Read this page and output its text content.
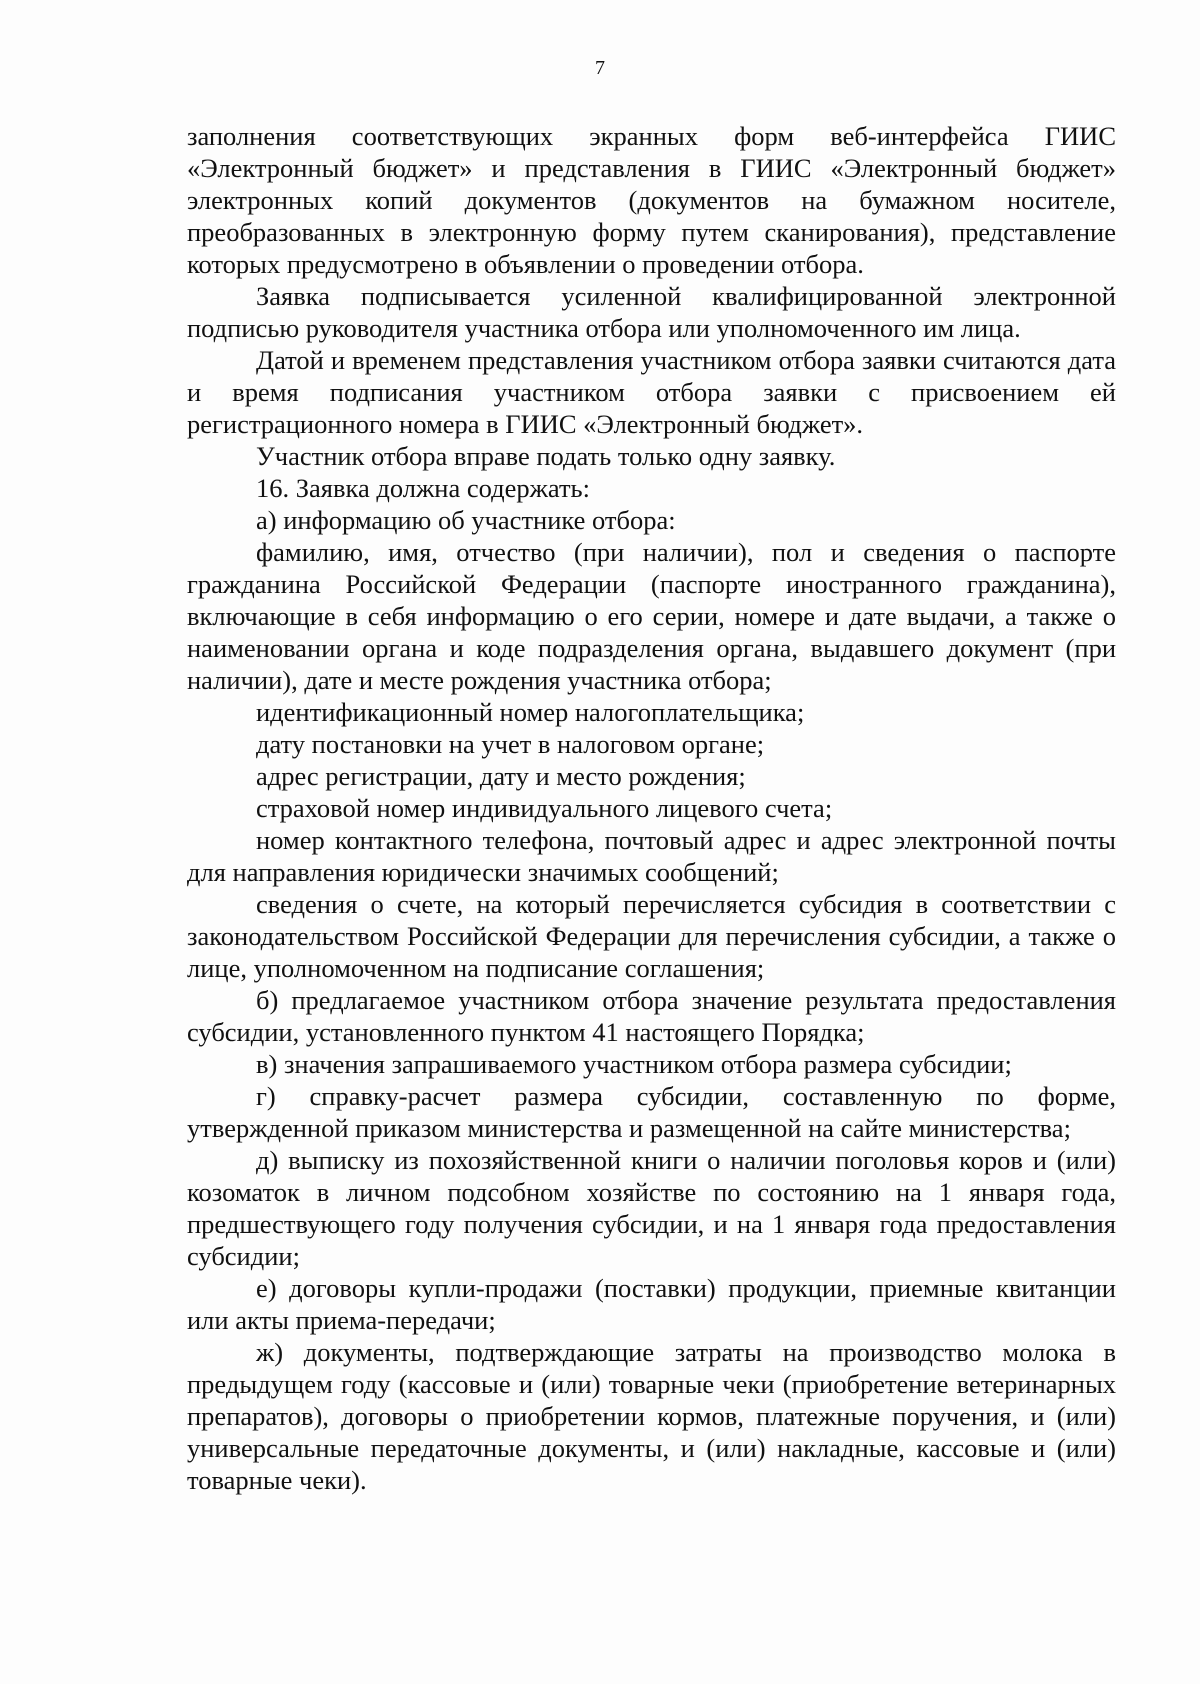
7

заполнения соответствующих экранных форм веб-интерфейса ГИИС «Электронный бюджет» и представления в ГИИС «Электронный бюджет» электронных копий документов (документов на бумажном носителе, преобразованных в электронную форму путем сканирования), представление которых предусмотрено в объявлении о проведении отбора.

Заявка подписывается усиленной квалифицированной электронной подписью руководителя участника отбора или уполномоченного им лица.

Датой и временем представления участником отбора заявки считаются дата и время подписания участником отбора заявки с присвоением ей регистрационного номера в ГИИС «Электронный бюджет».

Участник отбора вправе подать только одну заявку.

16. Заявка должна содержать:

а) информацию об участнике отбора:

фамилию, имя, отчество (при наличии), пол и сведения о паспорте гражданина Российской Федерации (паспорте иностранного гражданина), включающие в себя информацию о его серии, номере и дате выдачи, а также о наименовании органа и коде подразделения органа, выдавшего документ (при наличии), дате и месте рождения участника отбора;

идентификационный номер налогоплательщика;

дату постановки на учет в налоговом органе;

адрес регистрации, дату и место рождения;

страховой номер индивидуального лицевого счета;

номер контактного телефона, почтовый адрес и адрес электронной почты для направления юридически значимых сообщений;

сведения о счете, на который перечисляется субсидия в соответствии с законодательством Российской Федерации для перечисления субсидии, а также о лице, уполномоченном на подписание соглашения;

б) предлагаемое участником отбора значение результата предоставления субсидии, установленного пунктом 41 настоящего Порядка;

в) значения запрашиваемого участником отбора размера субсидии;

г) справку-расчет размера субсидии, составленную по форме, утвержденной приказом министерства и размещенной на сайте министерства;

д) выписку из похозяйственной книги о наличии поголовья коров и (или) козоматок в личном подсобном хозяйстве по состоянию на 1 января года, предшествующего году получения субсидии, и на 1 января года предоставления субсидии;

е) договоры купли-продажи (поставки) продукции, приемные квитанции или акты приема-передачи;

ж) документы, подтверждающие затраты на производство молока в предыдущем году (кассовые и (или) товарные чеки (приобретение ветеринарных препаратов), договоры о приобретении кормов, платежные поручения, и (или) универсальные передаточные документы, и (или) накладные, кассовые и (или) товарные чеки).
